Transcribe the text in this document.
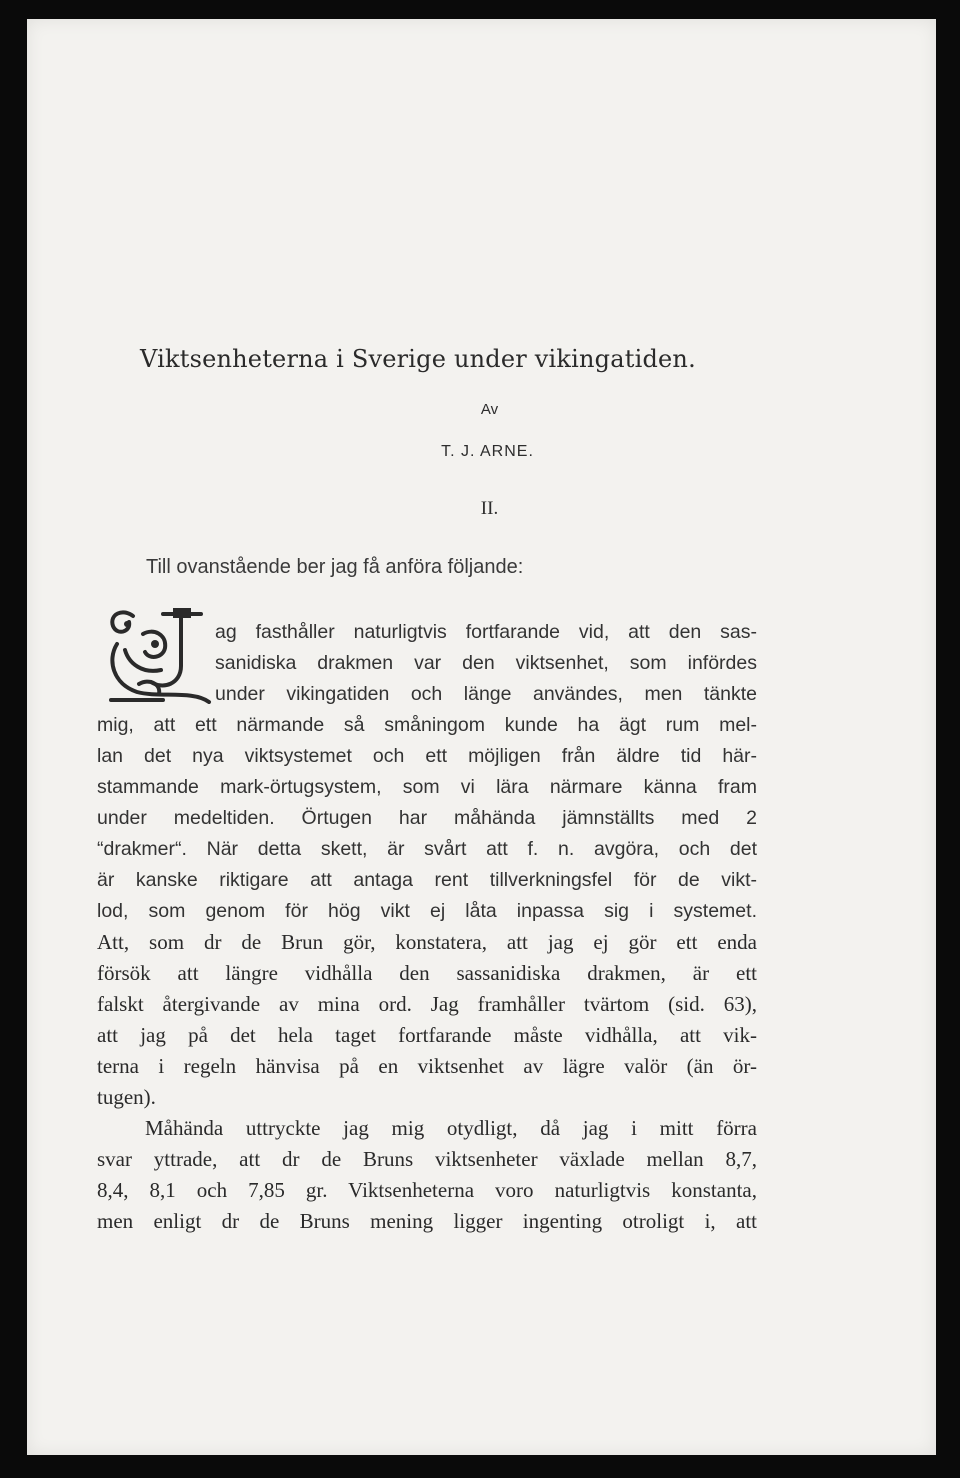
Viktsenheterna i Sverige under vikingatiden.
Av
T. J. ARNE.
II.
Till ovanstående ber jag få anföra följande:
ag fasthåller naturligtvis fortfarande vid, att den sas-
sanidiska drakmen var den viktsenhet, som infördes
under vikingatiden och länge användes, men tänkte
mig, att ett närmande så småningom kunde ha ägt rum mel-
lan det nya viktsystemet och ett möjligen från äldre tid här-
stammande mark-örtugsystem, som vi lära närmare känna fram
under medeltiden. Örtugen har måhända jämnställts med 2
“drakmer“. När detta skett, är svårt att f. n. avgöra, och det
är kanske riktigare att antaga rent tillverkningsfel för de vikt-
lod, som genom för hög vikt ej låta inpassa sig i systemet.
Att, som dr de Brun gör, konstatera, att jag ej gör ett enda
försök att längre vidhålla den sassanidiska drakmen, är ett
falskt återgivande av mina ord. Jag framhåller tvärtom (sid. 63),
att jag på det hela taget fortfarande måste vidhålla, att vik-
terna i regeln hänvisa på en viktsenhet av lägre valör (än ör-
tugen).
Måhända uttryckte jag mig otydligt, då jag i mitt förra
svar yttrade, att dr de Bruns viktsenheter växlade mellan 8,7,
8,4, 8,1 och 7,85 gr. Viktsenheterna voro naturligtvis konstanta,
men enligt dr de Bruns mening ligger ingenting otroligt i, att
